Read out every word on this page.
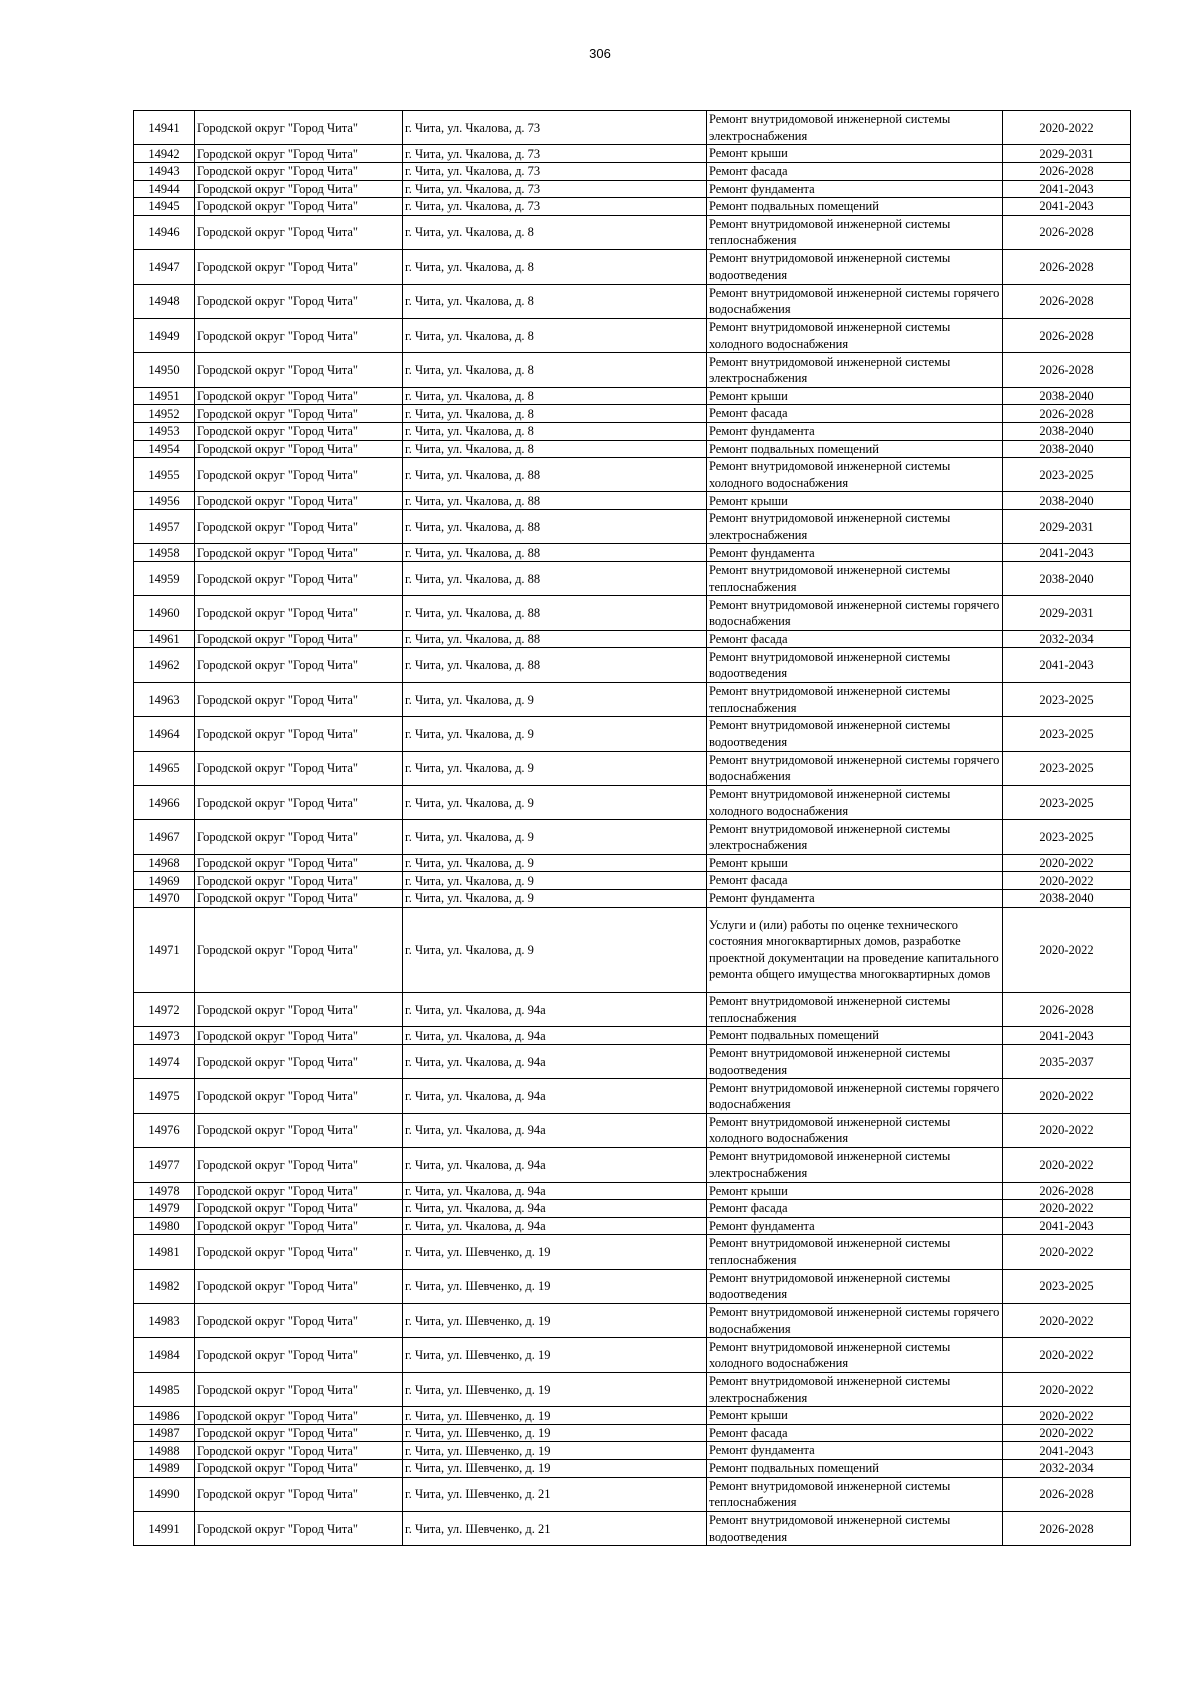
306
14941	Городской округ "Город Чита"	г. Чита, ул. Чкалова, д. 73	Ремонт внутридомовой инженерной системы электроснабжения	2020-2022
14942	Городской округ "Город Чита"	г. Чита, ул. Чкалова, д. 73	Ремонт крыши	2029-2031
14943	Городской округ "Город Чита"	г. Чита, ул. Чкалова, д. 73	Ремонт фасада	2026-2028
14944	Городской округ "Город Чита"	г. Чита, ул. Чкалова, д. 73	Ремонт фундамента	2041-2043
14945	Городской округ "Город Чита"	г. Чита, ул. Чкалова, д. 73	Ремонт подвальных помещений	2041-2043
14946	Городской округ "Город Чита"	г. Чита, ул. Чкалова, д. 8	Ремонт внутридомовой инженерной системы теплоснабжения	2026-2028
14947	Городской округ "Город Чита"	г. Чита, ул. Чкалова, д. 8	Ремонт внутридомовой инженерной системы водоотведения	2026-2028
14948	Городской округ "Город Чита"	г. Чита, ул. Чкалова, д. 8	Ремонт внутридомовой инженерной системы горячего водоснабжения	2026-2028
14949	Городской округ "Город Чита"	г. Чита, ул. Чкалова, д. 8	Ремонт внутридомовой инженерной системы холодного водоснабжения	2026-2028
14950	Городской округ "Город Чита"	г. Чита, ул. Чкалова, д. 8	Ремонт внутридомовой инженерной системы электроснабжения	2026-2028
14951	Городской округ "Город Чита"	г. Чита, ул. Чкалова, д. 8	Ремонт крыши	2038-2040
14952	Городской округ "Город Чита"	г. Чита, ул. Чкалова, д. 8	Ремонт фасада	2026-2028
14953	Городской округ "Город Чита"	г. Чита, ул. Чкалова, д. 8	Ремонт фундамента	2038-2040
14954	Городской округ "Город Чита"	г. Чита, ул. Чкалова, д. 8	Ремонт подвальных помещений	2038-2040
14955	Городской округ "Город Чита"	г. Чита, ул. Чкалова, д. 88	Ремонт внутридомовой инженерной системы холодного водоснабжения	2023-2025
14956	Городской округ "Город Чита"	г. Чита, ул. Чкалова, д. 88	Ремонт крыши	2038-2040
14957	Городской округ "Город Чита"	г. Чита, ул. Чкалова, д. 88	Ремонт внутридомовой инженерной системы электроснабжения	2029-2031
14958	Городской округ "Город Чита"	г. Чита, ул. Чкалова, д. 88	Ремонт фундамента	2041-2043
14959	Городской округ "Город Чита"	г. Чита, ул. Чкалова, д. 88	Ремонт внутридомовой инженерной системы теплоснабжения	2038-2040
14960	Городской округ "Город Чита"	г. Чита, ул. Чкалова, д. 88	Ремонт внутридомовой инженерной системы горячего водоснабжения	2029-2031
14961	Городской округ "Город Чита"	г. Чита, ул. Чкалова, д. 88	Ремонт фасада	2032-2034
14962	Городской округ "Город Чита"	г. Чита, ул. Чкалова, д. 88	Ремонт внутридомовой инженерной системы водоотведения	2041-2043
14963	Городской округ "Город Чита"	г. Чита, ул. Чкалова, д. 9	Ремонт внутридомовой инженерной системы теплоснабжения	2023-2025
14964	Городской округ "Город Чита"	г. Чита, ул. Чкалова, д. 9	Ремонт внутридомовой инженерной системы водоотведения	2023-2025
14965	Городской округ "Город Чита"	г. Чита, ул. Чкалова, д. 9	Ремонт внутридомовой инженерной системы горячего водоснабжения	2023-2025
14966	Городской округ "Город Чита"	г. Чита, ул. Чкалова, д. 9	Ремонт внутридомовой инженерной системы холодного водоснабжения	2023-2025
14967	Городской округ "Город Чита"	г. Чита, ул. Чкалова, д. 9	Ремонт внутридомовой инженерной системы электроснабжения	2023-2025
14968	Городской округ "Город Чита"	г. Чита, ул. Чкалова, д. 9	Ремонт крыши	2020-2022
14969	Городской округ "Город Чита"	г. Чита, ул. Чкалова, д. 9	Ремонт фасада	2020-2022
14970	Городской округ "Город Чита"	г. Чита, ул. Чкалова, д. 9	Ремонт фундамента	2038-2040
14971	Городской округ "Город Чита"	г. Чита, ул. Чкалова, д. 9	Услуги и (или) работы по оценке технического состояния многоквартирных домов, разработке проектной документации на проведение капитального ремонта общего имущества многоквартирных домов	2020-2022
14972	Городской округ "Город Чита"	г. Чита, ул. Чкалова, д. 94а	Ремонт внутридомовой инженерной системы теплоснабжения	2026-2028
14973	Городской округ "Город Чита"	г. Чита, ул. Чкалова, д. 94а	Ремонт подвальных помещений	2041-2043
14974	Городской округ "Город Чита"	г. Чита, ул. Чкалова, д. 94а	Ремонт внутридомовой инженерной системы водоотведения	2035-2037
14975	Городской округ "Город Чита"	г. Чита, ул. Чкалова, д. 94а	Ремонт внутридомовой инженерной системы горячего водоснабжения	2020-2022
14976	Городской округ "Город Чита"	г. Чита, ул. Чкалова, д. 94а	Ремонт внутридомовой инженерной системы холодного водоснабжения	2020-2022
14977	Городской округ "Город Чита"	г. Чита, ул. Чкалова, д. 94а	Ремонт внутридомовой инженерной системы электроснабжения	2020-2022
14978	Городской округ "Город Чита"	г. Чита, ул. Чкалова, д. 94а	Ремонт крыши	2026-2028
14979	Городской округ "Город Чита"	г. Чита, ул. Чкалова, д. 94а	Ремонт фасада	2020-2022
14980	Городской округ "Город Чита"	г. Чита, ул. Чкалова, д. 94а	Ремонт фундамента	2041-2043
14981	Городской округ "Город Чита"	г. Чита, ул. Шевченко, д. 19	Ремонт внутридомовой инженерной системы теплоснабжения	2020-2022
14982	Городской округ "Город Чита"	г. Чита, ул. Шевченко, д. 19	Ремонт внутридомовой инженерной системы водоотведения	2023-2025
14983	Городской округ "Город Чита"	г. Чита, ул. Шевченко, д. 19	Ремонт внутридомовой инженерной системы горячего водоснабжения	2020-2022
14984	Городской округ "Город Чита"	г. Чита, ул. Шевченко, д. 19	Ремонт внутридомовой инженерной системы холодного водоснабжения	2020-2022
14985	Городской округ "Город Чита"	г. Чита, ул. Шевченко, д. 19	Ремонт внутридомовой инженерной системы электроснабжения	2020-2022
14986	Городской округ "Город Чита"	г. Чита, ул. Шевченко, д. 19	Ремонт крыши	2020-2022
14987	Городской округ "Город Чита"	г. Чита, ул. Шевченко, д. 19	Ремонт фасада	2020-2022
14988	Городской округ "Город Чита"	г. Чита, ул. Шевченко, д. 19	Ремонт фундамента	2041-2043
14989	Городской округ "Город Чита"	г. Чита, ул. Шевченко, д. 19	Ремонт подвальных помещений	2032-2034
14990	Городской округ "Город Чита"	г. Чита, ул. Шевченко, д. 21	Ремонт внутридомовой инженерной системы теплоснабжения	2026-2028
14991	Городской округ "Город Чита"	г. Чита, ул. Шевченко, д. 21	Ремонт внутридомовой инженерной системы водоотведения	2026-2028
